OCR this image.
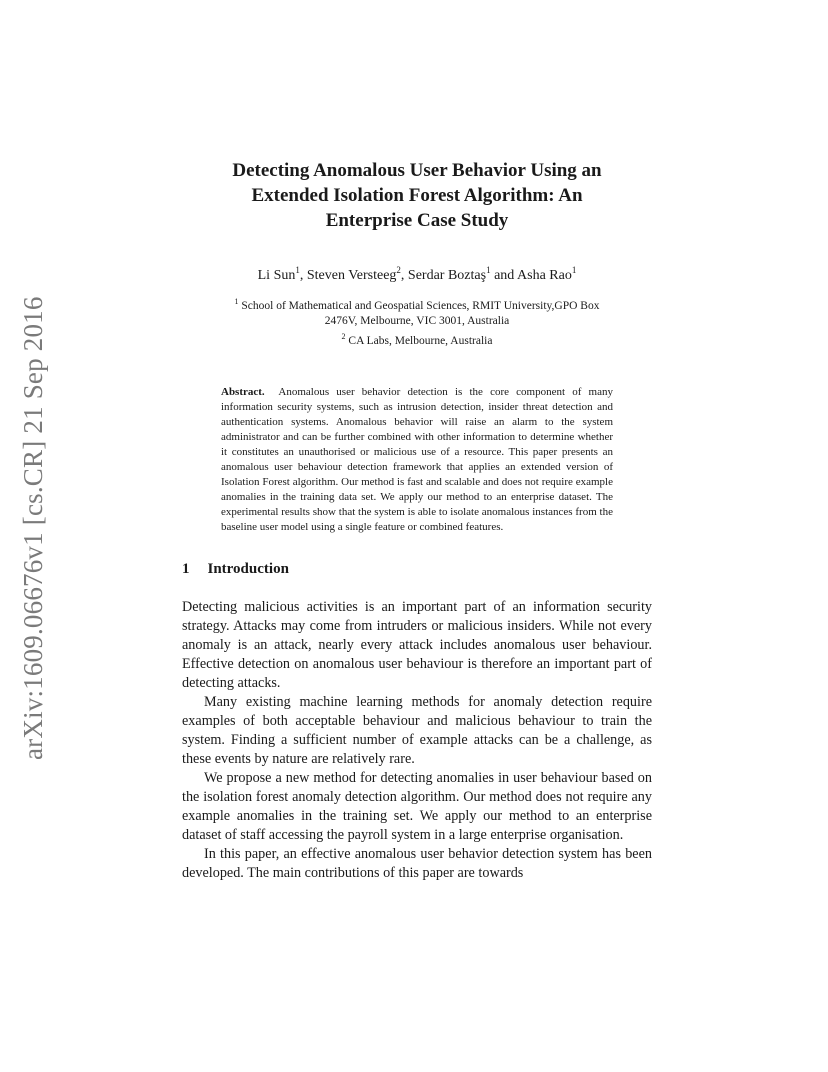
arXiv:1609.06676v1 [cs.CR] 21 Sep 2016
Detecting Anomalous User Behavior Using an
Extended Isolation Forest Algorithm: An
Enterprise Case Study
Li Sun$^1$, Steven Versteeg$^2$, Serdar Boztaş$^1$ and Asha Rao$^1$
$^1$ School of Mathematical and Geospatial Sciences, RMIT University,GPO Box
2476V, Melbourne, VIC 3001, Australia
$^2$ CA Labs, Melbourne, Australia
Abstract. Anomalous user behavior detection is the core component of many information security systems, such as intrusion detection, insider threat detection and authentication systems. Anomalous behavior will raise an alarm to the system administrator and can be further combined with other information to determine whether it constitutes an unauthorised or malicious use of a resource. This paper presents an anomalous user behaviour detection framework that applies an extended version of Isolation Forest algorithm. Our method is fast and scalable and does not require example anomalies in the training data set. We apply our method to an enterprise dataset. The experimental results show that the system is able to isolate anomalous instances from the baseline user model using a single feature or combined features.
1 Introduction

Detecting malicious activities is an important part of an information security strategy. Attacks may come from intruders or malicious insiders. While not every anomaly is an attack, nearly every attack includes anomalous user behaviour. Effective detection on anomalous user behaviour is therefore an important part of detecting attacks.

Many existing machine learning methods for anomaly detection require examples of both acceptable behaviour and malicious behaviour to train the system. Finding a sufficient number of example attacks can be a challenge, as these events by nature are relatively rare.

We propose a new method for detecting anomalies in user behaviour based on the isolation forest anomaly detection algorithm. Our method does not require any example anomalies in the training set. We apply our method to an enterprise dataset of staff accessing the payroll system in a large enterprise organisation.

In this paper, an effective anomalous user behavior detection system has been developed. The main contributions of this paper are towards
